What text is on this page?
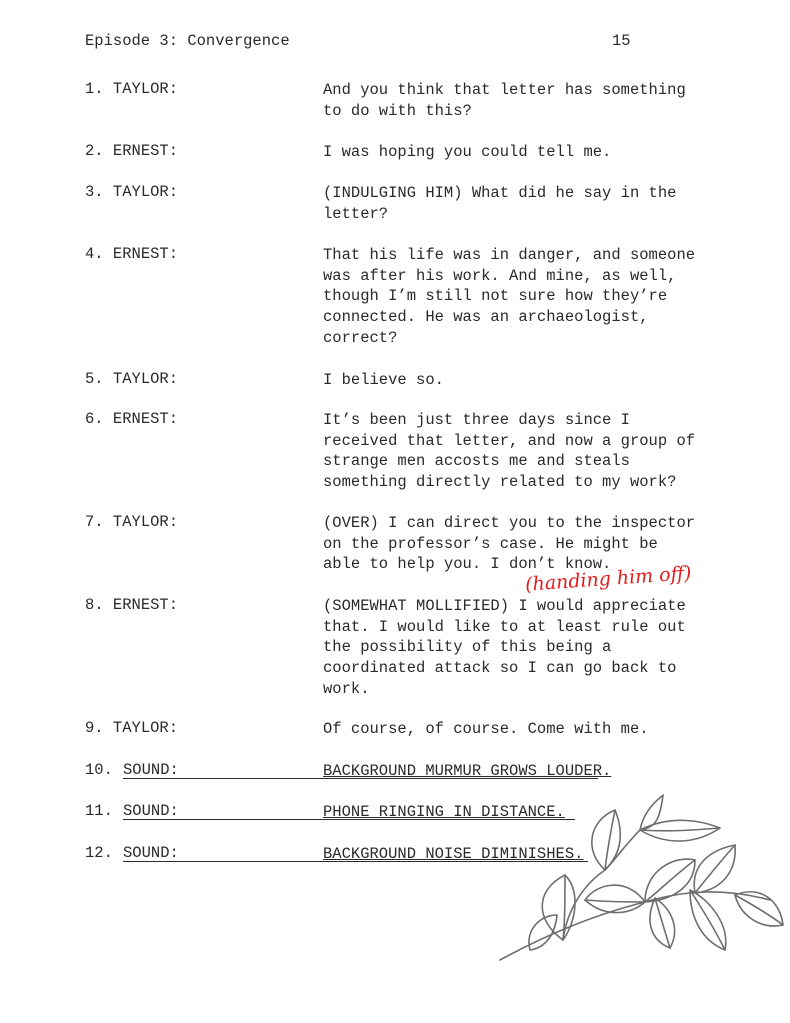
Episode 3: Convergence	15
1. TAYLOR:	And you think that letter has something
to do with this?
2. ERNEST:	I was hoping you could tell me.
3. TAYLOR:	(INDULGING HIM) What did he say in the
letter?
4. ERNEST:	That his life was in danger, and someone
was after his work. And mine, as well,
though I’m still not sure how they’re
connected. He was an archaeologist,
correct?
5. TAYLOR:	I believe so.
6. ERNEST:	It’s been just three days since I
received that letter, and now a group of
strange men accosts me and steals
something directly related to my work?
7. TAYLOR:	(OVER) I can direct you to the inspector
on the professor’s case. He might be
able to help you. I don’t know.
(handing him off)
8. ERNEST:	(SOMEWHAT MOLLIFIED) I would appreciate
that. I would like to at least rule out
the possibility of this being a
coordinated attack so I can go back to
work.
9. TAYLOR:	Of course, of course. Come with me.
10. SOUND:	BACKGROUND MURMUR GROWS LOUDER.
11. SOUND:	PHONE RINGING IN DISTANCE.
12. SOUND:	BACKGROUND NOISE DIMINISHES.
